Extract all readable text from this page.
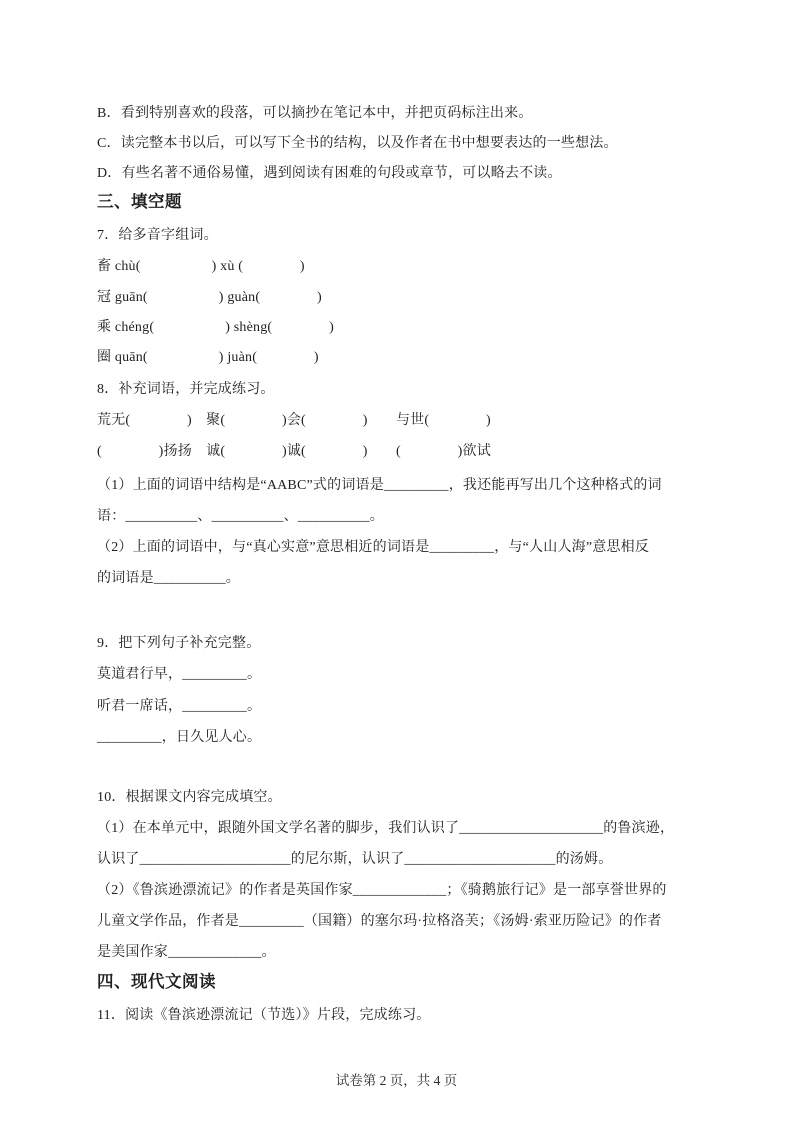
B．看到特别喜欢的段落，可以摘抄在笔记本中，并把页码标注出来。
C．读完整本书以后，可以写下全书的结构，以及作者在书中想要表达的一些想法。
D．有些名著不通俗易懂，遇到阅读有困难的句段或章节，可以略去不读。
三、填空题
7．给多音字组词。
畜 chù(　　　　　) xù (　　　　)
冠 guān(　　　　　) guàn(　　　　)
乘 chéng(　　　　　) shèng(　　　　)
圈 quān(　　　　　) juàn(　　　　)
8．补充词语，并完成练习。
荒无(　　　　)　聚(　　　　)会(　　　　)　　与世(　　　　)
(　　　　)扬扬　诚(　　　　)诚(　　　　)　　(　　　　)欲试
（1）上面的词语中结构是“AABC”式的词语是_________，我还能再写出几个这种格式的词
语：__________、__________、__________。
（2）上面的词语中，与“真心实意”意思相近的词语是_________，与“人山人海”意思相反
的词语是__________。
9．把下列句子补充完整。
莫道君行早，_________。
听君一席话，_________。
_________，日久见人心。
10．根据课文内容完成填空。
（1）在本单元中，跟随外国文学名著的脚步，我们认识了____________________的鲁滨逊，
认识了_____________________的尼尔斯，认识了_____________________的汤姆。
（2）《鲁滨逊漂流记》的作者是英国作家_____________；《骑鹅旅行记》是一部享誉世界的
儿童文学作品，作者是_________（国籍）的塞尔玛·拉格洛芙；《汤姆·索亚历险记》的作者
是美国作家_____________。
四、现代文阅读
11．阅读《鲁滨逊漂流记（节选）》片段，完成练习。
试卷第 2 页，共 4 页
